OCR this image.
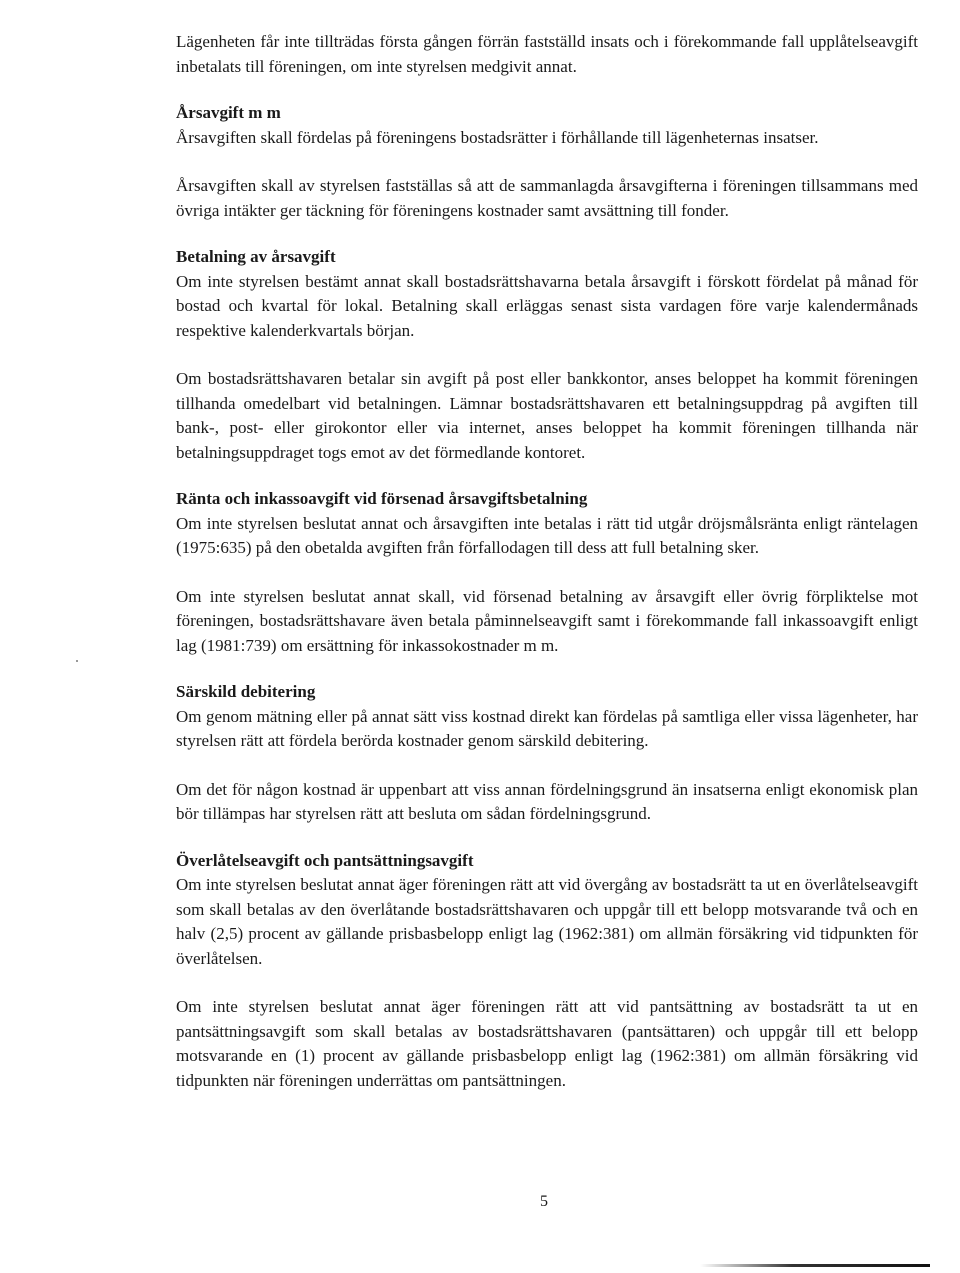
Lägenheten får inte tillträdas första gången förrän fastställd insats och i förekommande fall upplåtelseavgift inbetalats till föreningen, om inte styrelsen medgivit annat.

Årsavgift m m

Årsavgiften skall fördelas på föreningens bostadsrätter i förhållande till lägenheternas insatser.

Årsavgiften skall av styrelsen fastställas så att de sammanlagda årsavgifterna i föreningen tillsammans med övriga intäkter ger täckning för föreningens kostnader samt avsättning till fonder.

Betalning av årsavgift

Om inte styrelsen bestämt annat skall bostadsrättshavarna betala årsavgift i förskott fördelat på månad för bostad och kvartal för lokal. Betalning skall erläggas senast sista vardagen före varje kalendermånads respektive kalenderkvartals början.

Om bostadsrättshavaren betalar sin avgift på post eller bankkontor, anses beloppet ha kommit föreningen tillhanda omedelbart vid betalningen. Lämnar bostadsrättshavaren ett betalningsuppdrag på avgiften till bank-, post- eller girokontor eller via internet, anses beloppet ha kommit föreningen tillhanda när betalningsuppdraget togs emot av det förmedlande kontoret.

Ränta och inkassoavgift vid försenad årsavgiftsbetalning

Om inte styrelsen beslutat annat och årsavgiften inte betalas i rätt tid utgår dröjsmålsränta enligt räntelagen (1975:635) på den obetalda avgiften från förfallodagen till dess att full betalning sker.

Om inte styrelsen beslutat annat skall, vid försenad betalning av årsavgift eller övrig förpliktelse mot föreningen, bostadsrättshavare även betala påminnelseavgift samt i förekommande fall inkassoavgift enligt lag (1981:739) om ersättning för inkassokostnader m m.

Särskild debitering

Om genom mätning eller på annat sätt viss kostnad direkt kan fördelas på samtliga eller vissa lägenheter, har styrelsen rätt att fördela berörda kostnader genom särskild debitering.

Om det för någon kostnad är uppenbart att viss annan fördelningsgrund än insatserna enligt ekonomisk plan bör tillämpas har styrelsen rätt att besluta om sådan fördelningsgrund.

Överlåtelseavgift och pantsättningsavgift

Om inte styrelsen beslutat annat äger föreningen rätt att vid övergång av bostadsrätt ta ut en överlåtelseavgift som skall betalas av den överlåtande bostadsrättshavaren och uppgår till ett belopp motsvarande två och en halv (2,5) procent av gällande prisbasbelopp enligt lag (1962:381) om allmän försäkring vid tidpunkten för överlåtelsen.

Om inte styrelsen beslutat annat äger föreningen rätt att vid pantsättning av bostadsrätt ta ut en pantsättningsavgift som skall betalas av bostadsrättshavaren (pantsättaren) och uppgår till ett belopp motsvarande en (1) procent av gällande prisbasbelopp enligt lag (1962:381) om allmän försäkring vid tidpunkten när föreningen underrättas om pantsättningen.

5
